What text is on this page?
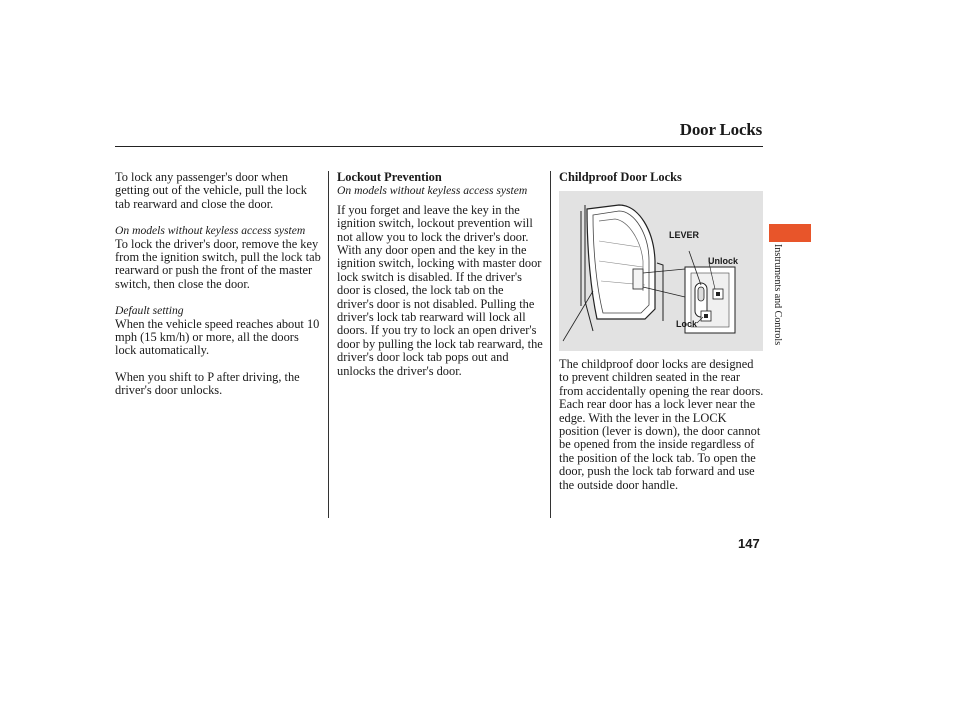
Door Locks

To lock any passenger's door when getting out of the vehicle, pull the lock tab rearward and close the door.

On models without keyless access system

To lock the driver's door, remove the key from the ignition switch, pull the lock tab rearward or push the front of the master switch, then close the door.

Default setting

When the vehicle speed reaches about 10 mph (15 km/h) or more, all the doors lock automatically.

When you shift to P after driving, the driver's door unlocks.

Lockout Prevention

On models without keyless access system

If you forget and leave the key in the ignition switch, lockout prevention will not allow you to lock the driver's door. With any door open and the key in the ignition switch, locking with master door lock switch is disabled. If the driver's door is closed, the lock tab on the driver's door is not disabled. Pulling the driver's lock tab rearward will lock all doors. If you try to lock an open driver's door by pulling the lock tab rearward, the driver's door lock tab pops out and unlocks the driver's door.

Childproof Door Locks

LEVER
Unlock
Lock

The childproof door locks are designed to prevent children seated in the rear from accidentally opening the rear doors. Each rear door has a lock lever near the edge. With the lever in the LOCK position (lever is down), the door cannot be opened from the inside regardless of the position of the lock tab. To open the door, push the lock tab forward and use the outside door handle.

Instruments and Controls
147
